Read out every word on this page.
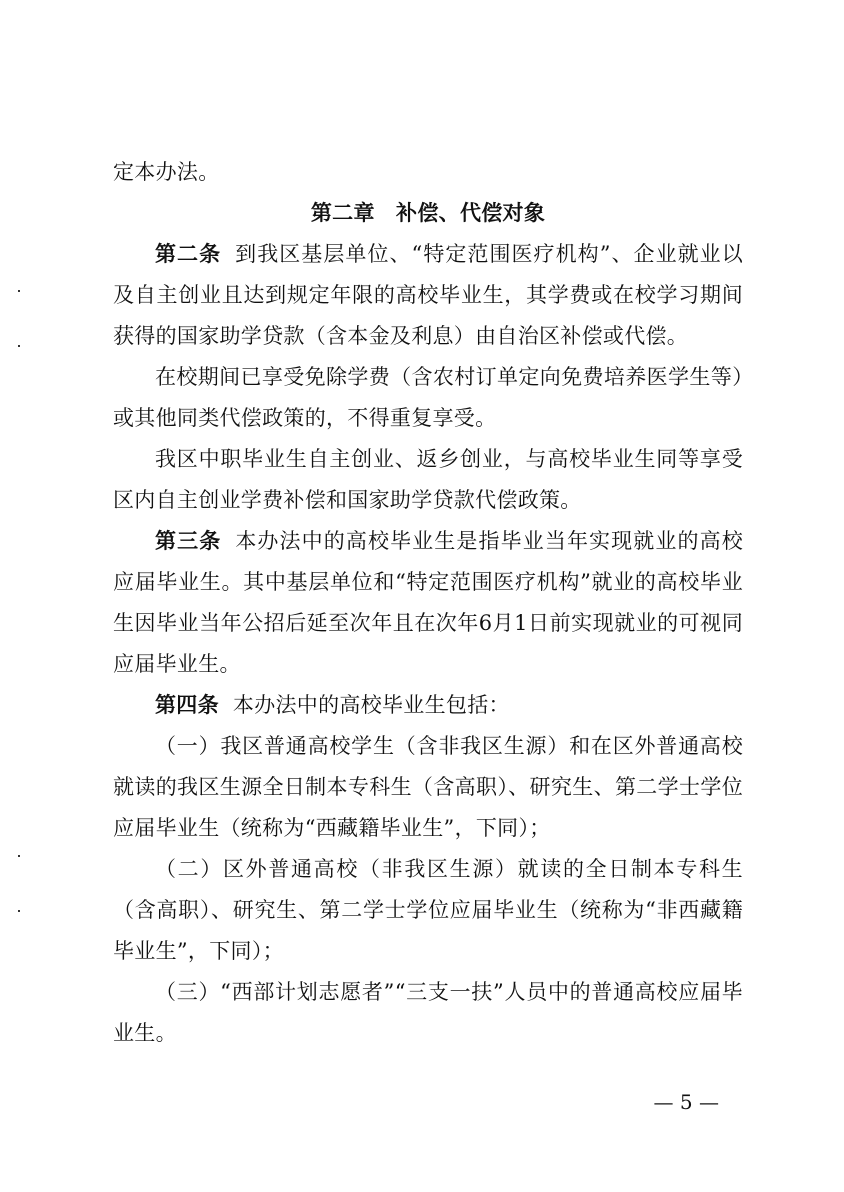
定本办法。

第二章　补偿、代偿对象

第二条 到我区基层单位、“特定范围医疗机构”、企业就业以及自主创业且达到规定年限的高校毕业生，其学费或在校学习期间获得的国家助学贷款（含本金及利息）由自治区补偿或代偿。

在校期间已享受免除学费（含农村订单定向免费培养医学生等）或其他同类代偿政策的，不得重复享受。

我区中职毕业生自主创业、返乡创业，与高校毕业生同等享受区内自主创业学费补偿和国家助学贷款代偿政策。

第三条 本办法中的高校毕业生是指毕业当年实现就业的高校应届毕业生。其中基层单位和“特定范围医疗机构”就业的高校毕业生因毕业当年公招后延至次年且在次年6月1日前实现就业的可视同应届毕业生。

第四条 本办法中的高校毕业生包括：

（一）我区普通高校学生（含非我区生源）和在区外普通高校就读的我区生源全日制本专科生（含高职）、研究生、第二学士学位应届毕业生（统称为“西藏籍毕业生”，下同）；

（二）区外普通高校（非我区生源）就读的全日制本专科生（含高职）、研究生、第二学士学位应届毕业生（统称为“非西藏籍毕业生”，下同）；

（三）“西部计划志愿者”“三支一扶”人员中的普通高校应届毕业生。

— 5 —
